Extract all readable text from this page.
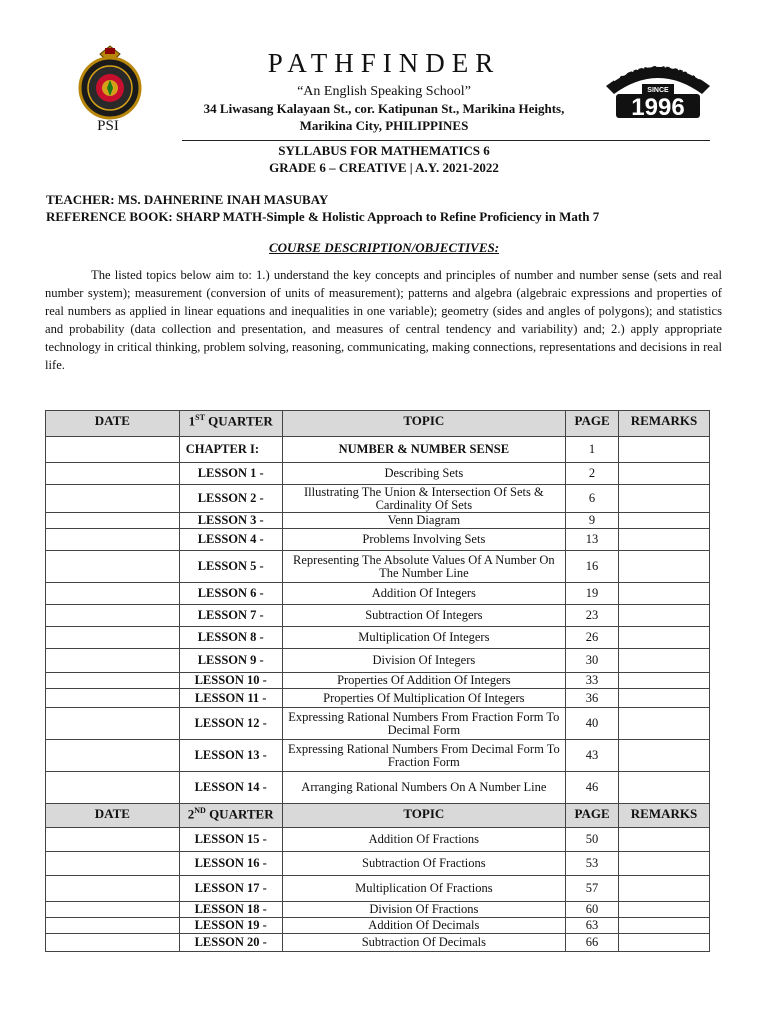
PSI
PATHFINDER
“An English Speaking School”
34 Liwasang Kalayaan St., cor. Katipunan St., Marikina Heights,
Marikina City, PHILIPPINES
ESTABLISHED
SINCE
1996
SYLLABUS FOR MATHEMATICS 6
GRADE 6 – CREATIVE | A.Y. 2021-2022
TEACHER: MS. DAHNERINE INAH MASUBAY
REFERENCE BOOK: SHARP MATH-Simple & Holistic Approach to Refine Proficiency in Math 7
COURSE DESCRIPTION/OBJECTIVES:

The listed topics below aim to: 1.) understand the key concepts and principles of number and number sense (sets and real number system); measurement (conversion of units of measurement); patterns and algebra (algebraic expressions and properties of real numbers as applied in linear equations and inequalities in one variable); geometry (sides and angles of polygons); and statistics and probability (data collection and presentation, and measures of central tendency and variability) and; 2.) apply appropriate technology in critical thinking, problem solving, reasoning, communicating, making connections, representations and decisions in real life.

DATE	1ST QUARTER	TOPIC	PAGE	REMARKS
	CHAPTER I:	NUMBER & NUMBER SENSE	1	
	LESSON 1 -	Describing Sets	2	
	LESSON 2 -	Illustrating The Union & Intersection Of Sets & Cardinality Of Sets	6	
	LESSON 3 -	Venn Diagram	9	
	LESSON 4 -	Problems Involving Sets	13	
	LESSON 5 -	Representing The Absolute Values Of A Number On The Number Line	16	
	LESSON 6 -	Addition Of Integers	19	
	LESSON 7 -	Subtraction Of Integers	23	
	LESSON 8 -	Multiplication Of Integers	26	
	LESSON 9 -	Division Of Integers	30	
	LESSON 10 -	Properties Of Addition Of Integers	33	
	LESSON 11 -	Properties Of Multiplication Of Integers	36	
	LESSON 12 -	Expressing Rational Numbers From Fraction Form To Decimal Form	40	
	LESSON 13 -	Expressing Rational Numbers From Decimal Form To Fraction Form	43	
	LESSON 14 -	Arranging Rational Numbers On A Number Line	46	
DATE	2ND QUARTER	TOPIC	PAGE	REMARKS
	LESSON 15 -	Addition Of Fractions	50	
	LESSON 16 -	Subtraction Of Fractions	53	
	LESSON 17 -	Multiplication Of Fractions	57	
	LESSON 18 -	Division Of Fractions	60	
	LESSON 19 -	Addition Of Decimals	63	
	LESSON 20 -	Subtraction Of Decimals	66	
